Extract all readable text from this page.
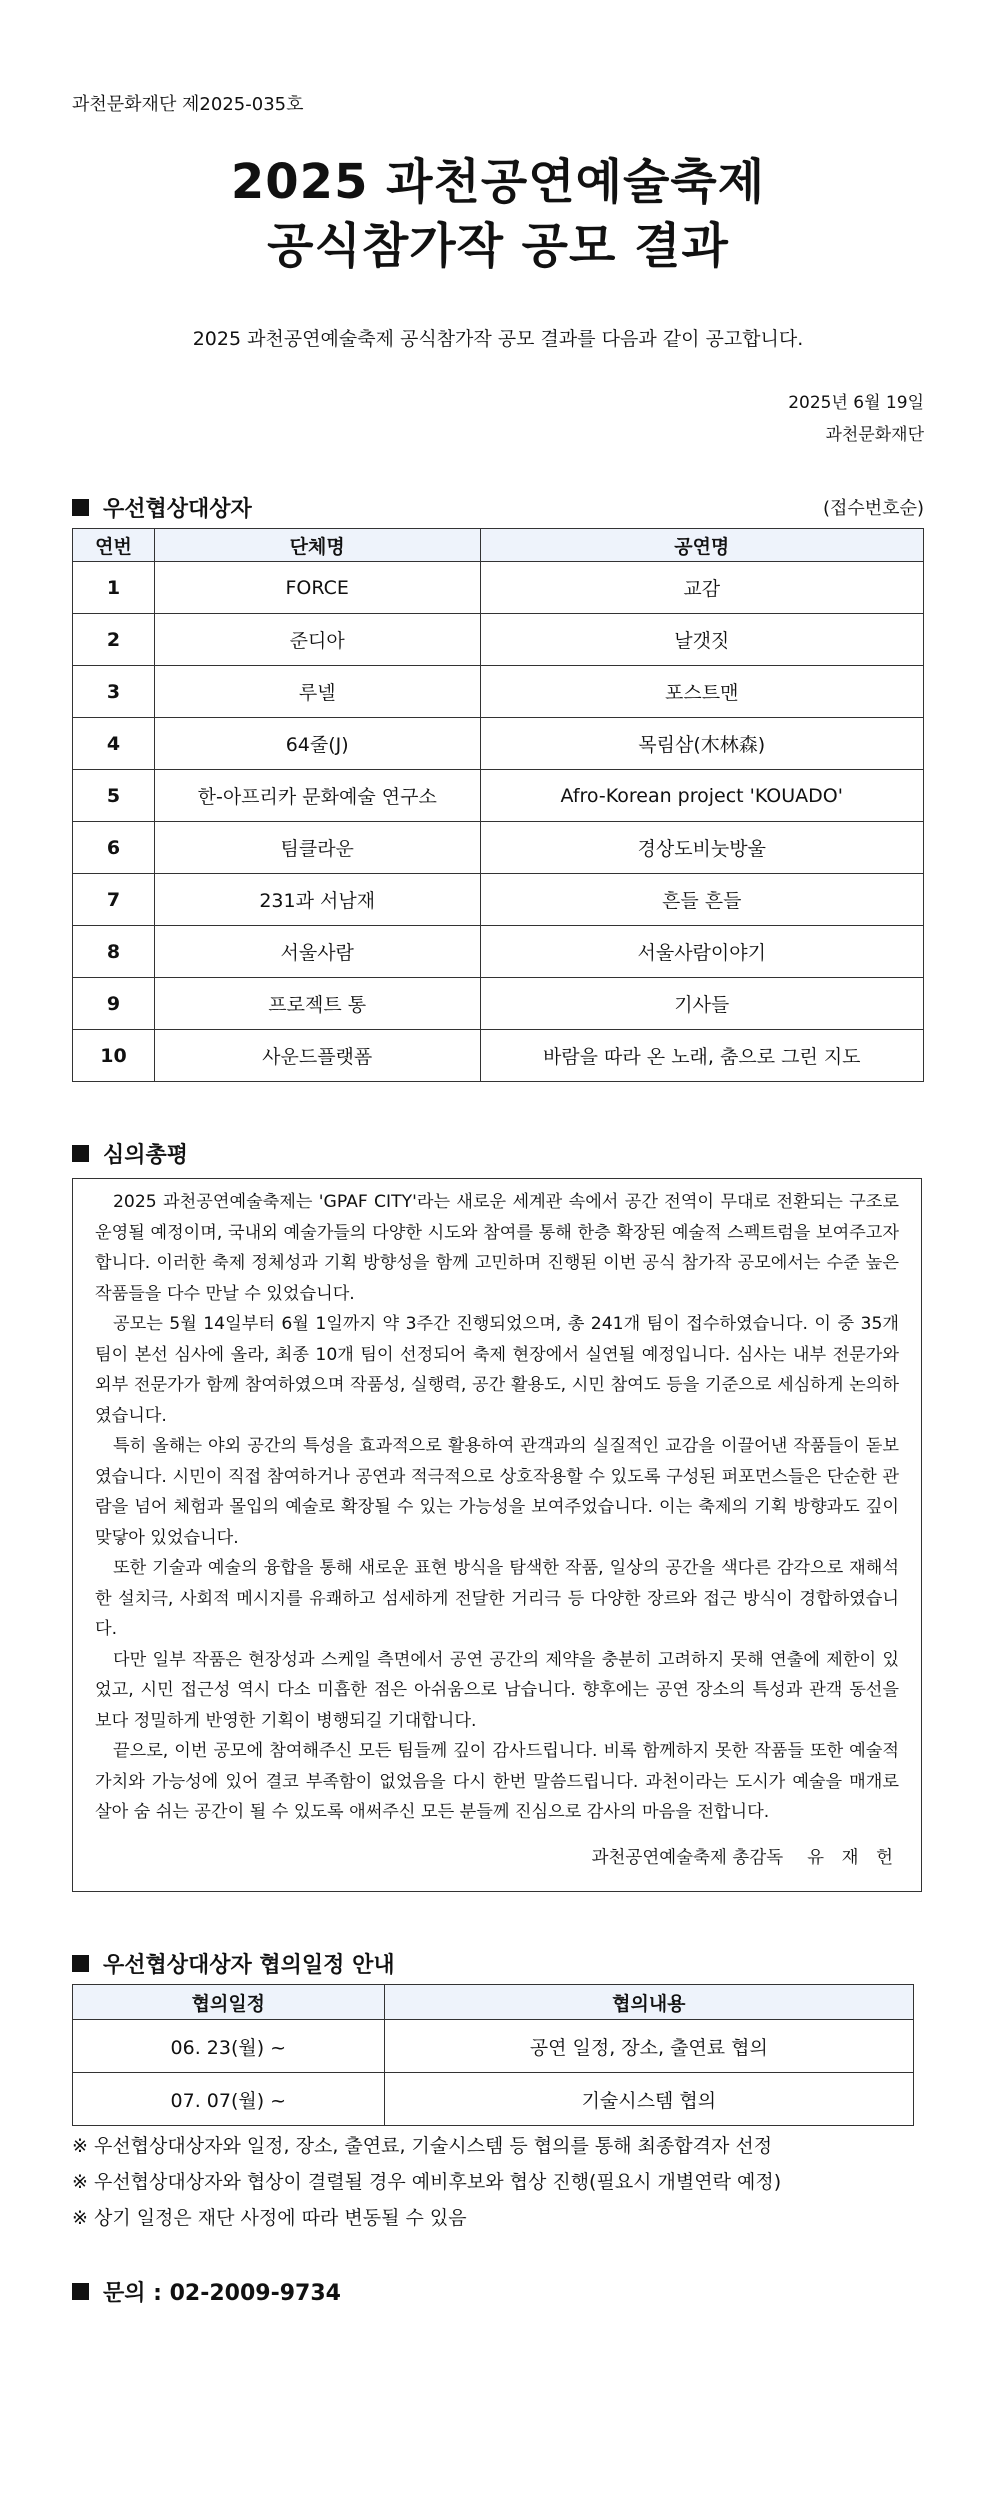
과천문화재단 제2025-035호
2025 과천공연예술축제
공식참가작 공모 결과
2025 과천공연예술축제 공식참가작 공모 결과를 다음과 같이 공고합니다.
2025년 6월 19일
과천문화재단
우선협상대상자	(접수번호순)
연번	단체명	공연명
1	FORCE	교감
2	준디아	날갯짓
3	루넬	포스트맨
4	64줄(J)	목림삼(木林森)
5	한-아프리카 문화예술 연구소	Afro-Korean project 'KOUADO'
6	팀클라운	경상도비눗방울
7	231과 서남재	흔들 흔들
8	서울사람	서울사람이야기
9	프로젝트 통	기사들
10	사운드플랫폼	바람을 따라 온 노래, 춤으로 그린 지도
심의총평

2025 과천공연예술축제는 'GPAF CITY'라는 새로운 세계관 속에서 공간 전역이 무대로 전환되는 구조로 운영될 예정이며, 국내외 예술가들의 다양한 시도와 참여를 통해 한층 확장된 예술적 스펙트럼을 보여주고자 합니다. 이러한 축제 정체성과 기획 방향성을 함께 고민하며 진행된 이번 공식 참가작 공모에서는 수준 높은 작품들을 다수 만날 수 있었습니다.

공모는 5월 14일부터 6월 1일까지 약 3주간 진행되었으며, 총 241개 팀이 접수하였습니다. 이 중 35개 팀이 본선 심사에 올라, 최종 10개 팀이 선정되어 축제 현장에서 실연될 예정입니다. 심사는 내부 전문가와 외부 전문가가 함께 참여하였으며 작품성, 실행력, 공간 활용도, 시민 참여도 등을 기준으로 세심하게 논의하였습니다.

특히 올해는 야외 공간의 특성을 효과적으로 활용하여 관객과의 실질적인 교감을 이끌어낸 작품들이 돋보였습니다. 시민이 직접 참여하거나 공연과 적극적으로 상호작용할 수 있도록 구성된 퍼포먼스들은 단순한 관람을 넘어 체험과 몰입의 예술로 확장될 수 있는 가능성을 보여주었습니다. 이는 축제의 기획 방향과도 깊이 맞닿아 있었습니다.

또한 기술과 예술의 융합을 통해 새로운 표현 방식을 탐색한 작품, 일상의 공간을 색다른 감각으로 재해석한 설치극, 사회적 메시지를 유쾌하고 섬세하게 전달한 거리극 등 다양한 장르와 접근 방식이 경합하였습니다.

다만 일부 작품은 현장성과 스케일 측면에서 공연 공간의 제약을 충분히 고려하지 못해 연출에 제한이 있었고, 시민 접근성 역시 다소 미흡한 점은 아쉬움으로 남습니다. 향후에는 공연 장소의 특성과 관객 동선을 보다 정밀하게 반영한 기획이 병행되길 기대합니다.

끝으로, 이번 공모에 참여해주신 모든 팀들께 깊이 감사드립니다. 비록 함께하지 못한 작품들 또한 예술적 가치와 가능성에 있어 결코 부족함이 없었음을 다시 한번 말씀드립니다. 과천이라는 도시가 예술을 매개로 살아 숨 쉬는 공간이 될 수 있도록 애써주신 모든 분들께 진심으로 감사의 마음을 전합니다.

과천공연예술축제 총감독 유 재 헌
우선협상대상자 협의일정 안내
협의일정	협의내용
06. 23(월) ~	공연 일정, 장소, 출연료 협의
07. 07(월) ~	기술시스템 협의
※ 우선협상대상자와 일정, 장소, 출연료, 기술시스템 등 협의를 통해 최종합격자 선정
※ 우선협상대상자와 협상이 결렬될 경우 예비후보와 협상 진행(필요시 개별연락 예정)
※ 상기 일정은 재단 사정에 따라 변동될 수 있음
문의 : 02-2009-9734
